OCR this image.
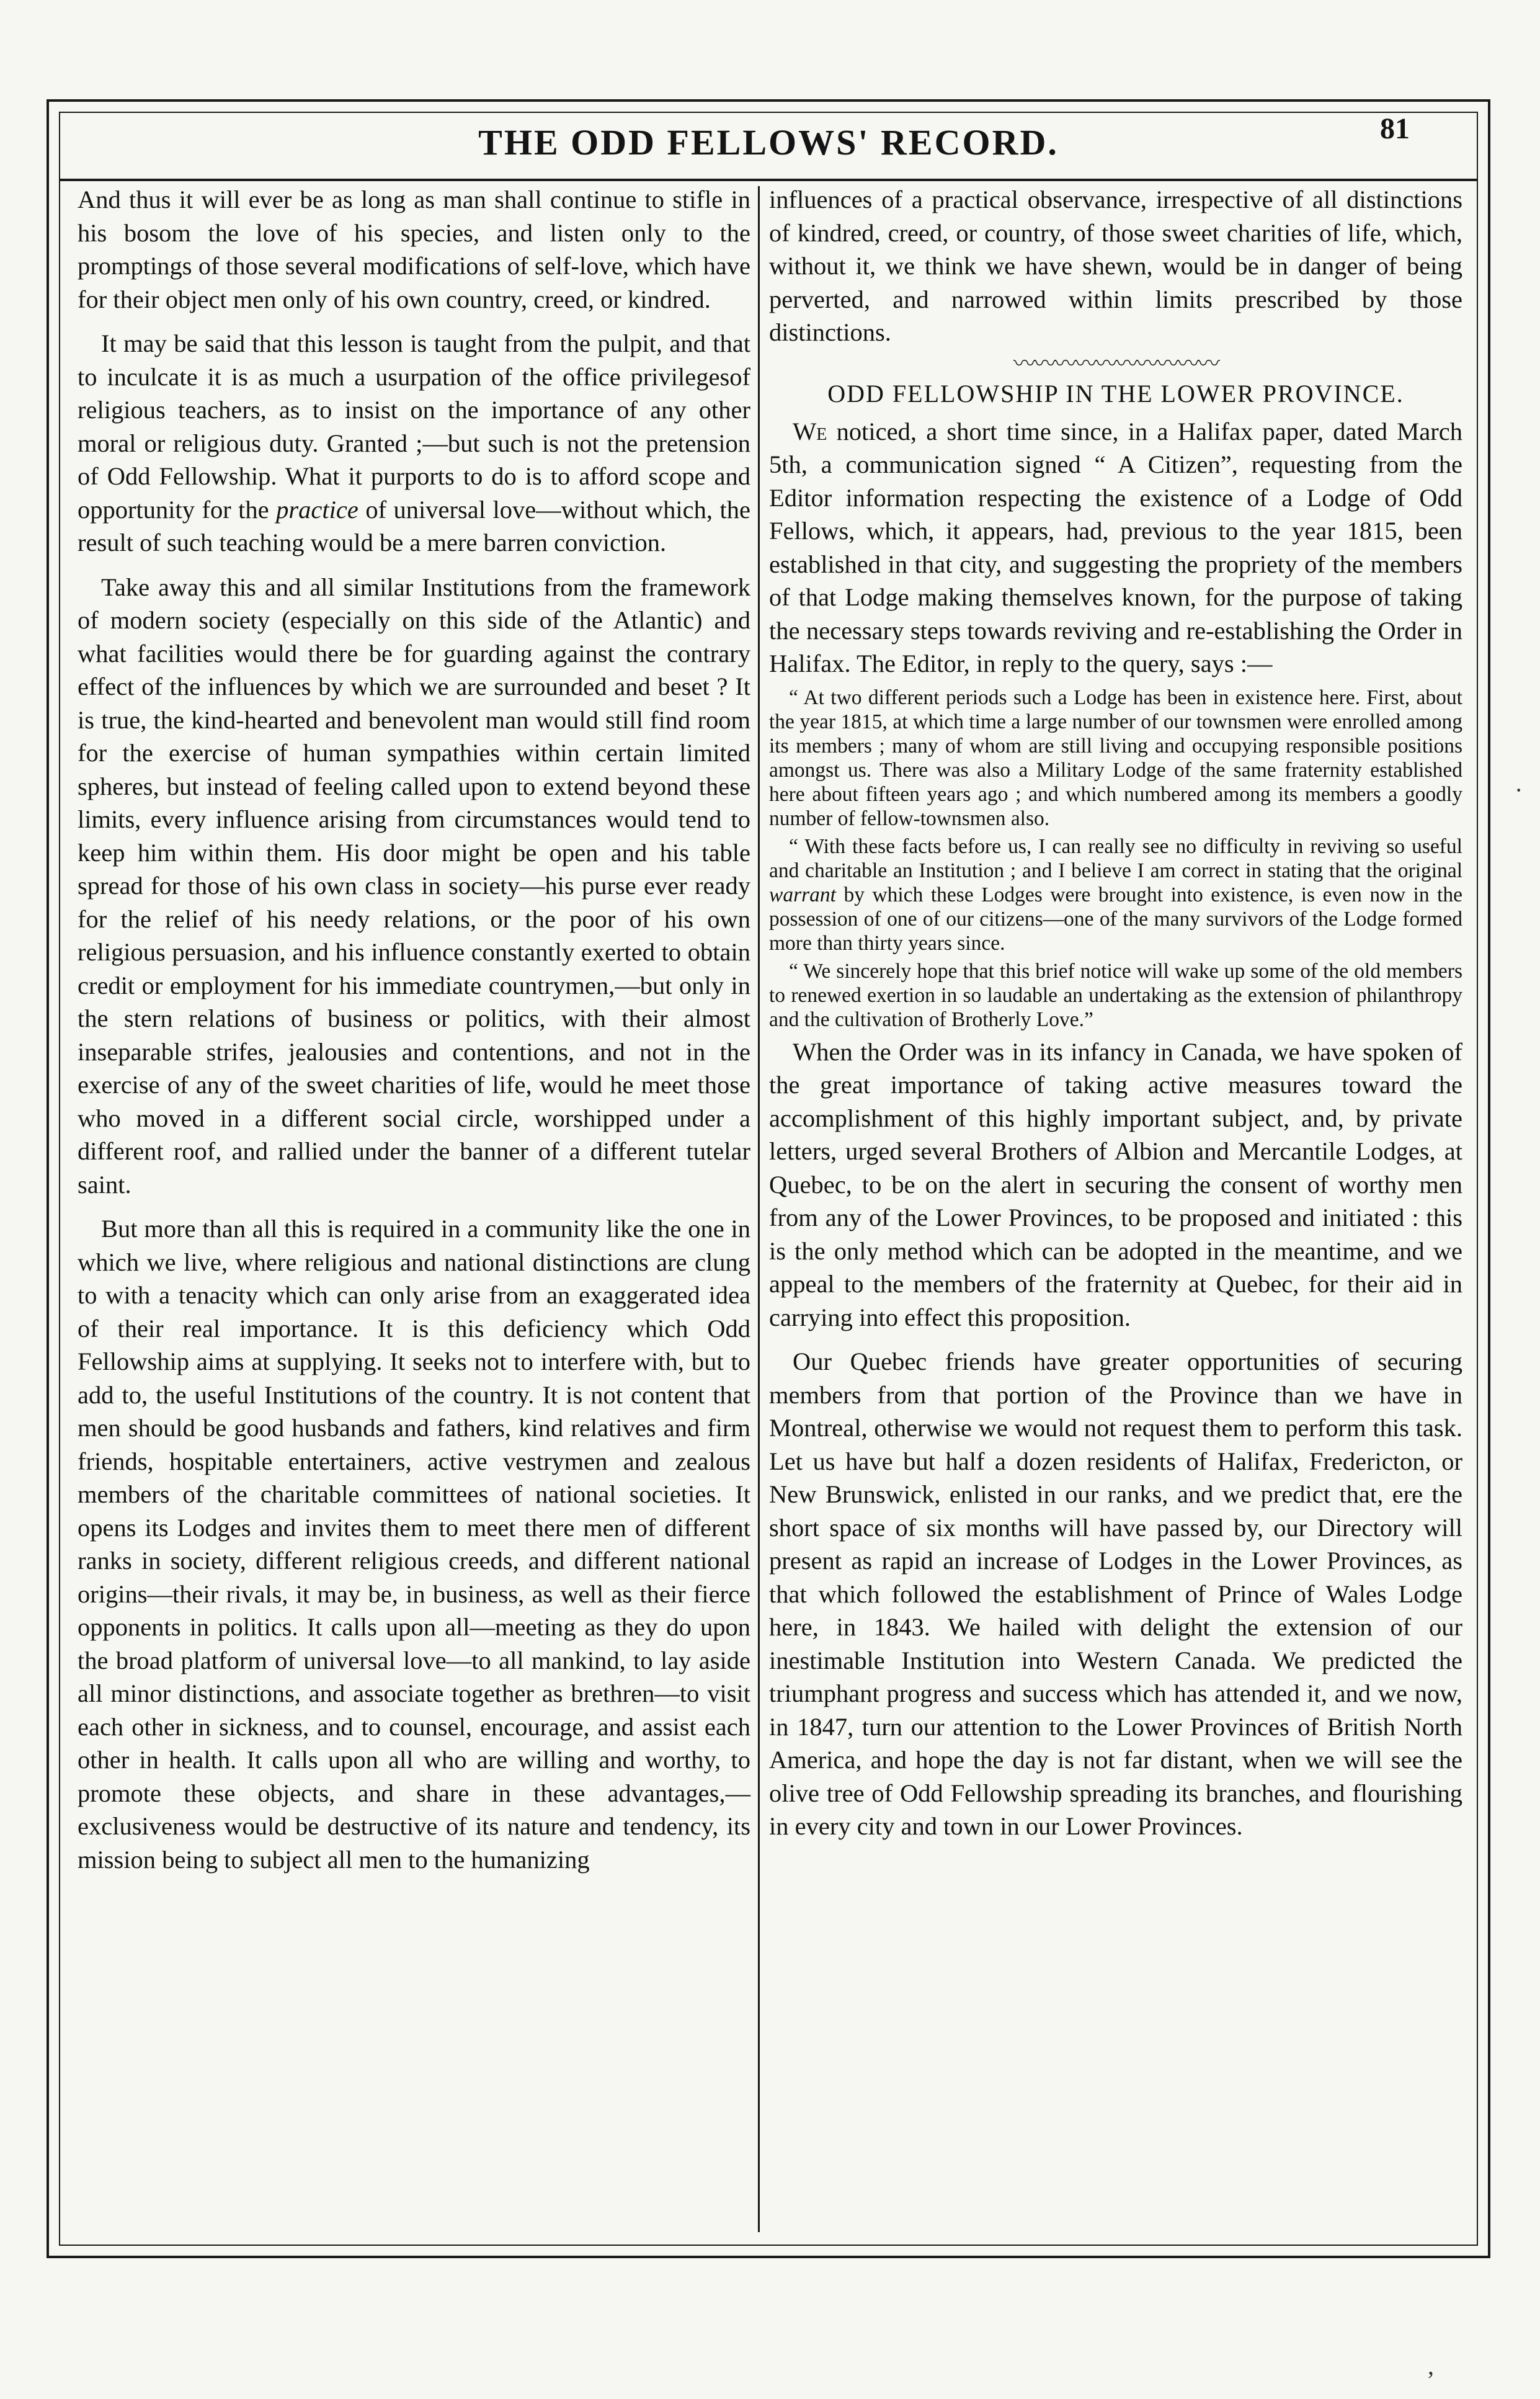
THE ODD FELLOWS' RECORD.	81

And thus it will ever be as long as man shall continue to stifle in his bosom the love of his species, and listen only to the promptings of those several modifications of self-love, which have for their object men only of his own country, creed, or kindred.

It may be said that this lesson is taught from the pulpit, and that to inculcate it is as much a usurpation of the office privilegesof religious teachers, as to insist on the importance of any other moral or religious duty. Granted ;—but such is not the pretension of Odd Fellowship. What it purports to do is to afford scope and opportunity for the practice of universal love—without which, the result of such teaching would be a mere barren conviction.

Take away this and all similar Institutions from the framework of modern society (especially on this side of the Atlantic) and what facilities would there be for guarding against the contrary effect of the influences by which we are surrounded and beset ? It is true, the kind-hearted and benevolent man would still find room for the exercise of human sympathies within certain limited spheres, but instead of feeling called upon to extend beyond these limits, every influence arising from circumstances would tend to keep him within them. His door might be open and his table spread for those of his own class in society—his purse ever ready for the relief of his needy relations, or the poor of his own religious persuasion, and his influence constantly exerted to obtain credit or employment for his immediate countrymen,—but only in the stern relations of business or politics, with their almost inseparable strifes, jealousies and contentions, and not in the exercise of any of the sweet charities of life, would he meet those who moved in a different social circle, worshipped under a different roof, and rallied under the banner of a different tutelar saint.

But more than all this is required in a community like the one in which we live, where religious and national distinctions are clung to with a tenacity which can only arise from an exaggerated idea of their real importance. It is this deficiency which Odd Fellowship aims at supplying. It seeks not to interfere with, but to add to, the useful Institutions of the country. It is not content that men should be good husbands and fathers, kind relatives and firm friends, hospitable entertainers, active vestrymen and zealous members of the charitable committees of national societies. It opens its Lodges and invites them to meet there men of different ranks in society, different religious creeds, and different national origins—their rivals, it may be, in business, as well as their fierce opponents in politics. It calls upon all—meeting as they do upon the broad platform of universal love—to all mankind, to lay aside all minor distinctions, and associate together as brethren—to visit each other in sickness, and to counsel, encourage, and assist each other in health. It calls upon all who are willing and worthy, to promote these objects, and share in these advantages,—exclusiveness would be destructive of its nature and tendency, its mission being to subject all men to the humanizing

influences of a practical observance, irrespective of all distinctions of kindred, creed, or country, of those sweet charities of life, which, without it, we think we have shewn, would be in danger of being perverted, and narrowed within limits prescribed by those distinctions.

〰〰〰〰〰〰〰〰〰〰
ODD FELLOWSHIP IN THE LOWER PROVINCE.

We noticed, a short time since, in a Halifax paper, dated March 5th, a communication signed “ A Citizen”, requesting from the Editor information respecting the existence of a Lodge of Odd Fellows, which, it appears, had, previous to the year 1815, been established in that city, and suggesting the propriety of the members of that Lodge making themselves known, for the purpose of taking the necessary steps towards reviving and re-establishing the Order in Halifax. The Editor, in reply to the query, says :—

“ At two different periods such a Lodge has been in existence here. First, about the year 1815, at which time a large number of our townsmen were enrolled among its members ; many of whom are still living and occupying responsible positions amongst us. There was also a Military Lodge of the same fraternity established here about fifteen years ago ; and which numbered among its members a goodly number of fellow-townsmen also.

“ With these facts before us, I can really see no difficulty in reviving so useful and charitable an Institution ; and I believe I am correct in stating that the original warrant by which these Lodges were brought into existence, is even now in the possession of one of our citizens—one of the many survivors of the Lodge formed more than thirty years since.

“ We sincerely hope that this brief notice will wake up some of the old members to renewed exertion in so laudable an undertaking as the extension of philanthropy and the cultivation of Brotherly Love.”

When the Order was in its infancy in Canada, we have spoken of the great importance of taking active measures toward the accomplishment of this highly important subject, and, by private letters, urged several Brothers of Albion and Mercantile Lodges, at Quebec, to be on the alert in securing the consent of worthy men from any of the Lower Provinces, to be proposed and initiated : this is the only method which can be adopted in the meantime, and we appeal to the members of the fraternity at Quebec, for their aid in carrying into effect this proposition.

Our Quebec friends have greater opportunities of securing members from that portion of the Province than we have in Montreal, otherwise we would not request them to perform this task. Let us have but half a dozen residents of Halifax, Fredericton, or New Brunswick, enlisted in our ranks, and we predict that, ere the short space of six months will have passed by, our Directory will present as rapid an increase of Lodges in the Lower Provinces, as that which followed the establishment of Prince of Wales Lodge here, in 1843. We hailed with delight the extension of our inestimable Institution into Western Canada. We predicted the triumphant progress and success which has attended it, and we now, in 1847, turn our attention to the Lower Provinces of British North America, and hope the day is not far distant, when we will see the olive tree of Odd Fellowship spreading its branches, and flourishing in every city and town in our Lower Provinces.

·
‚
